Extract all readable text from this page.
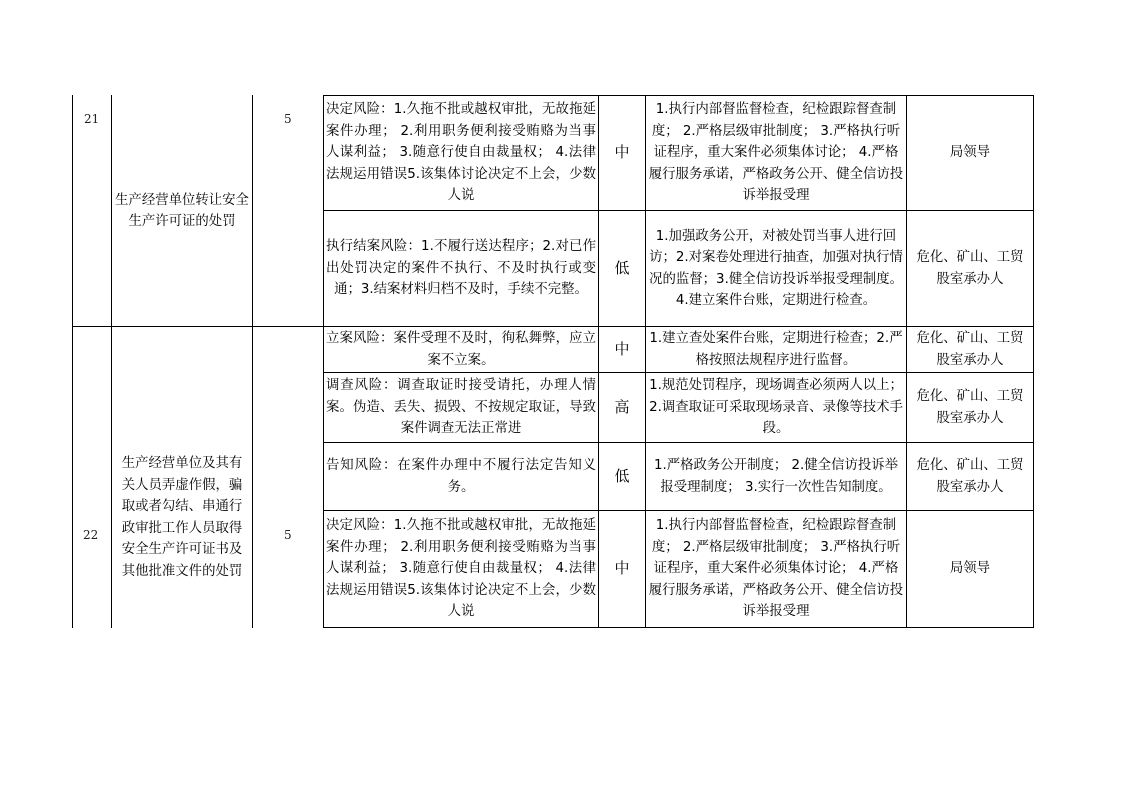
21
生产经营单位转让安全生产许可证的处罚
5
决定风险：1.久拖不批或越权审批，无故拖延案件办理； 2.利用职务便利接受贿赂为当事人谋利益； 3.随意行使自由裁量权； 4.法律法规运用错误5.该集体讨论决定不上会，少数人说
中
1.执行内部督监督检查，纪检跟踪督查制度； 2.严格层级审批制度； 3.严格执行听证程序，重大案件必须集体讨论； 4.严格履行服务承诺，严格政务公开、健全信访投诉举报受理
局领导
执行结案风险：1.不履行送达程序；2.对已作出处罚决定的案件不执行、不及时执行或变通；3.结案材料归档不及时，手续不完整。
低
1.加强政务公开，对被处罚当事人进行回访；2.对案卷处理进行抽查，加强对执行情况的监督；3.健全信访投诉举报受理制度。4.建立案件台账，定期进行检查。
危化、矿山、工贸股室承办人
22
生产经营单位及其有关人员弄虚作假，骗取或者勾结、串通行政审批工作人员取得安全生产许可证书及其他批准文件的处罚
5
立案风险：案件受理不及时，徇私舞弊，应立案不立案。
中
1.建立查处案件台账，定期进行检查；2.严格按照法规程序进行监督。
危化、矿山、工贸股室承办人
调查风险：调查取证时接受请托，办理人情案。伪造、丢失、损毁、不按规定取证，导致案件调查无法正常进
高
1.规范处罚程序，现场调查必须两人以上；2.调查取证可采取现场录音、录像等技术手段。
危化、矿山、工贸股室承办人
告知风险：在案件办理中不履行法定告知义务。
低
1.严格政务公开制度； 2.健全信访投诉举报受理制度； 3.实行一次性告知制度。
危化、矿山、工贸股室承办人
决定风险：1.久拖不批或越权审批，无故拖延案件办理； 2.利用职务便利接受贿赂为当事人谋利益； 3.随意行使自由裁量权； 4.法律法规运用错误5.该集体讨论决定不上会，少数人说
中
1.执行内部督监督检查，纪检跟踪督查制度； 2.严格层级审批制度； 3.严格执行听证程序，重大案件必须集体讨论； 4.严格履行服务承诺，严格政务公开、健全信访投诉举报受理
局领导
